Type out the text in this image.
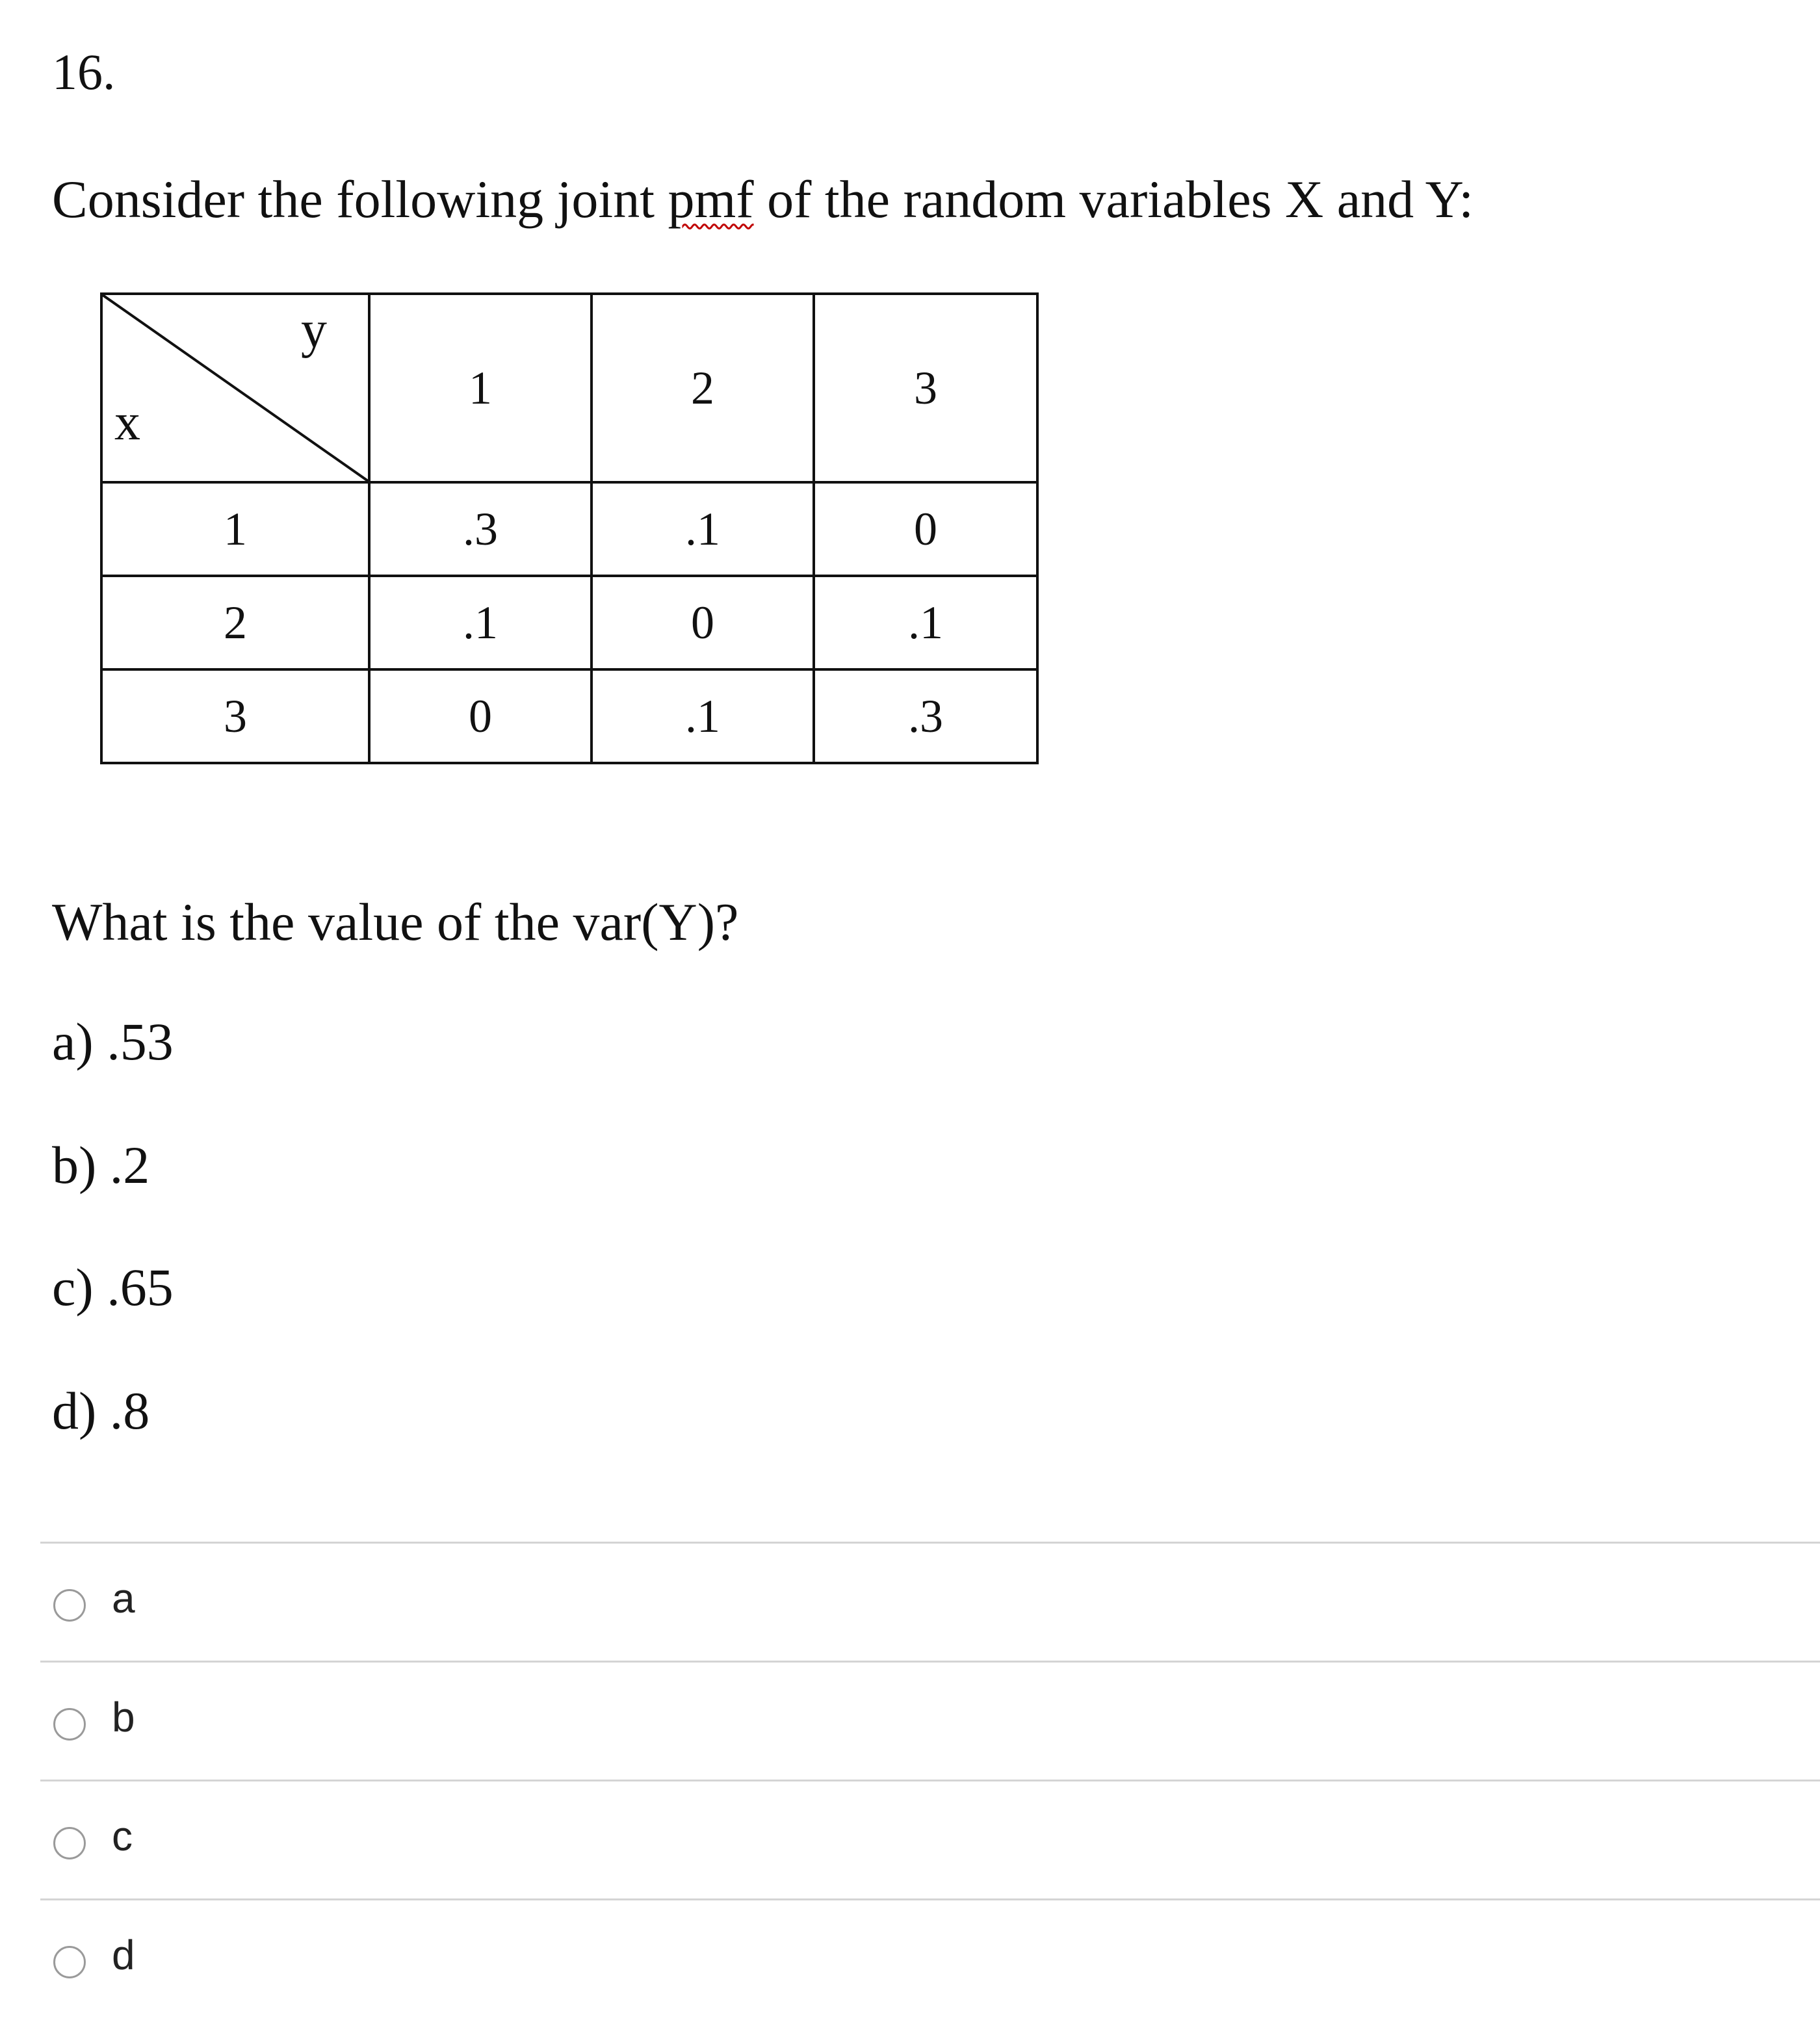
16.
Consider the following joint pmf of the random variables X and Y:
y
x	1	2	3
1	.3	.1	0
2	.1	0	.1
3	0	.1	.3
What is the value of the var(Y)?
a) .53
b) .2
c) .65
d) .8
a
b
c
d
